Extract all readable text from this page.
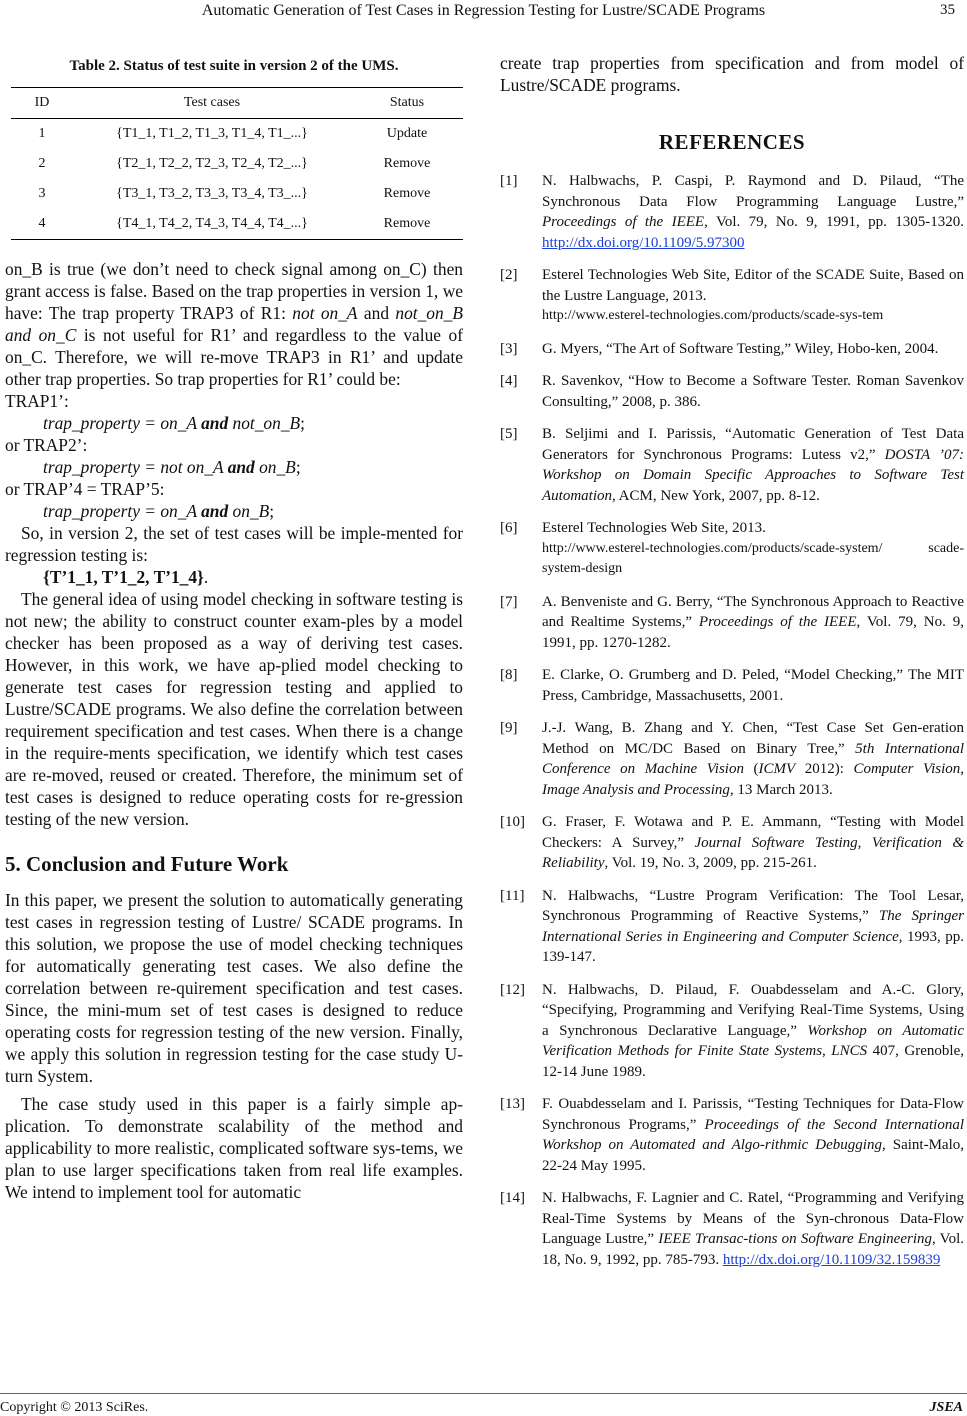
Automatic Generation of Test Cases in Regression Testing for Lustre/SCADE Programs	35
Table 2. Status of test suite in version 2 of the UMS.
ID	Test cases	Status
1	{T1_1, T1_2, T1_3, T1_4, T1_...}	Update
2	{T2_1, T2_2, T2_3, T2_4, T2_...}	Remove
3	{T3_1, T3_2, T3_3, T3_4, T3_...}	Remove
4	{T4_1, T4_2, T4_3, T4_4, T4_...}	Remove

on_B is true (we don’t need to check signal among on_C) then grant access is false. Based on the trap properties in version 1, we have: The trap property TRAP3 of R1: not on_A and not_on_B and on_C is not useful for R1’ and regardless to the value of on_C. Therefore, we will re-move TRAP3 in R1’ and update other trap properties. So trap properties for R1’ could be:

TRAP1’:
trap_property = on_A and not_on_B;
or TRAP2’:
trap_property = not on_A and on_B;
or TRAP’4 = TRAP’5:
trap_property = on_A and on_B;

So, in version 2, the set of test cases will be imple-mented for regression testing is:

{T’1_1, T’1_2, T’1_4}.

The general idea of using model checking in software testing is not new; the ability to construct counter exam-ples by a model checker has been proposed as a way of deriving test cases. However, in this work, we have ap-plied model checking to generate test cases for regression testing and applied to Lustre/SCADE programs. We also define the correlation between requirement specification and test cases. When there is a change in the require-ments specification, we identify which test cases are re-moved, reused or created. Therefore, the minimum set of test cases is designed to reduce operating costs for re-gression testing of the new version.

5. Conclusion and Future Work

In this paper, we present the solution to automatically generating test cases in regression testing of Lustre/ SCADE programs. In this solution, we propose the use of model checking techniques for automatically generating test cases. We also define the correlation between re-quirement specification and test cases. Since, the mini-mum set of test cases is designed to reduce operating costs for regression testing of the new version. Finally, we apply this solution in regression testing for the case study U-turn System.

The case study used in this paper is a fairly simple ap-plication. To demonstrate scalability of the method and applicability to more realistic, complicated software sys-tems, we plan to use larger specifications taken from real life examples. We intend to implement tool for automatic

create trap properties from specification and from model of Lustre/SCADE programs.

REFERENCES
[1]	N. Halbwachs, P. Caspi, P. Raymond and D. Pilaud, “The Synchronous Data Flow Programming Language Lustre,” Proceedings of the IEEE, Vol. 79, No. 9, 1991, pp. 1305-1320. http://dx.doi.org/10.1109/5.97300
[2]	Esterel Technologies Web Site, Editor of the SCADE Suite, Based on the Lustre Language, 2013.
http://www.esterel-technologies.com/products/scade-sys-tem
[3]	G. Myers, “The Art of Software Testing,” Wiley, Hobo-ken, 2004.
[4]	R. Savenkov, “How to Become a Software Tester. Roman Savenkov Consulting,” 2008, p. 386.
[5]	B. Seljimi and I. Parissis, “Automatic Generation of Test Data Generators for Synchronous Programs: Lutess v2,” DOSTA ’07: Workshop on Domain Specific Approaches to Software Test Automation, ACM, New York, 2007, pp. 8-12.
[6]	Esterel Technologies Web Site, 2013.
http://www.esterel-technologies.com/products/scade-system/ scade-system-design
[7]	A. Benveniste and G. Berry, “The Synchronous Approach to Reactive and Realtime Systems,” Proceedings of the IEEE, Vol. 79, No. 9, 1991, pp. 1270-1282.
[8]	E. Clarke, O. Grumberg and D. Peled, “Model Checking,” The MIT Press, Cambridge, Massachusetts, 2001.
[9]	J.-J. Wang, B. Zhang and Y. Chen, “Test Case Set Gen-eration Method on MC/DC Based on Binary Tree,” 5th International Conference on Machine Vision (ICMV 2012): Computer Vision, Image Analysis and Processing, 13 March 2013.
[10]	G. Fraser, F. Wotawa and P. E. Ammann, “Testing with Model Checkers: A Survey,” Journal Software Testing, Verification & Reliability, Vol. 19, No. 3, 2009, pp. 215-261.
[11]	N. Halbwachs, “Lustre Program Verification: The Tool Lesar, Synchronous Programming of Reactive Systems,” The Springer International Series in Engineering and Computer Science, 1993, pp. 139-147.
[12]	N. Halbwachs, D. Pilaud, F. Ouabdesselam and A.-C. Glory, “Specifying, Programming and Verifying Real-Time Systems, Using a Synchronous Declarative Language,” Workshop on Automatic Verification Methods for Finite State Systems, LNCS 407, Grenoble, 12-14 June 1989.
[13]	F. Ouabdesselam and I. Parissis, “Testing Techniques for Data-Flow Synchronous Programs,” Proceedings of the Second International Workshop on Automated and Algo-rithmic Debugging, Saint-Malo, 22-24 May 1995.
[14]	N. Halbwachs, F. Lagnier and C. Ratel, “Programming and Verifying Real-Time Systems by Means of the Syn-chronous Data-Flow Language Lustre,” IEEE Transac-tions on Software Engineering, Vol. 18, No. 9, 1992, pp. 785-793. http://dx.doi.org/10.1109/32.159839
Copyright © 2013 SciRes.	JSEA
